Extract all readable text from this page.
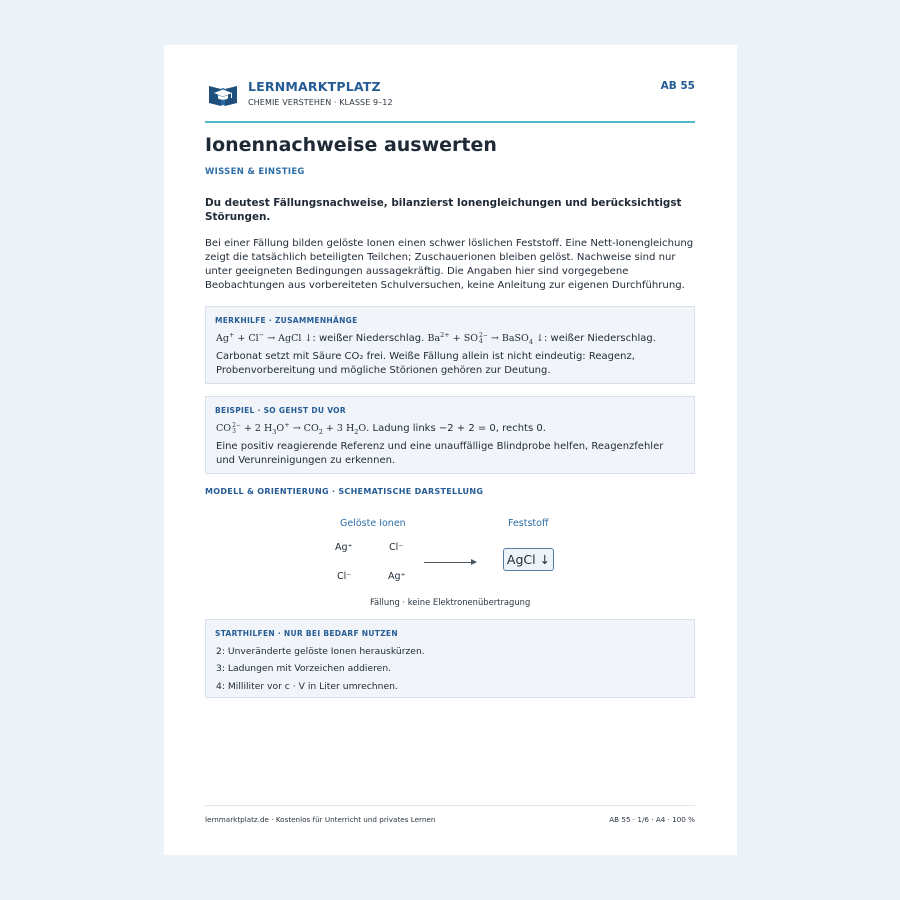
LERNMARKTPLATZ
CHEMIE VERSTEHEN · KLASSE 9–12
AB 55
Ionennachweise auswerten
WISSEN & EINSTIEG
Du deutest Fällungsnachweise, bilanzierst Ionengleichungen und berücksichtigst Störungen.
Bei einer Fällung bilden gelöste Ionen einen schwer löslichen Feststoff. Eine Nett-Ionengleichung zeigt die tatsächlich beteiligten Teilchen; Zuschauerionen bleiben gelöst. Nachweise sind nur unter geeigneten Bedingungen aussagekräftig. Die Angaben hier sind vorgegebene Beobachtungen aus vorbereiteten Schulversuchen, keine Anleitung zur eigenen Durchführung.
MERKHILFE · ZUSAMMENHÄNGE
Ag+ + Cl− → AgCl ↓: weißer Niederschlag. $Ba^{2+} + SO2-$
4 → BaSO$_4$ ↓: weißer Niederschlag.
Carbonat setzt mit Säure CO₂ frei. Weiße Fällung allein ist nicht eindeutig: Reagenz, Probenvorbereitung und mögliche Störionen gehören zur Deutung.
BEISPIEL · SO GEHST DU VOR
CO2−
3 + 2 $H_3O^+ \to CO_2 + 3$ $H_2O$. Ladung links −2 + 2 = 0, rechts 0.
Eine positiv reagierende Referenz und eine unauffällige Blindprobe helfen, Reagenzfehler und Verunreinigungen zu erkennen.
MODELL & ORIENTIERUNG · SCHEMATISCHE DARSTELLUNG
Gelöste Ionen	Feststoff
Ag⁺	Cl⁻
Cl⁻	Ag⁺
AgCl ↓
Fällung · keine Elektronenübertragung
STARTHILFEN · NUR BEI BEDARF NUTZEN
2: Unveränderte gelöste Ionen herauskürzen.
3: Ladungen mit Vorzeichen addieren.
4: Milliliter vor c · V in Liter umrechnen.
lernmarktplatz.de · Kostenlos für Unterricht und privates Lernen	AB 55 · 1/6 · A4 · 100 %
